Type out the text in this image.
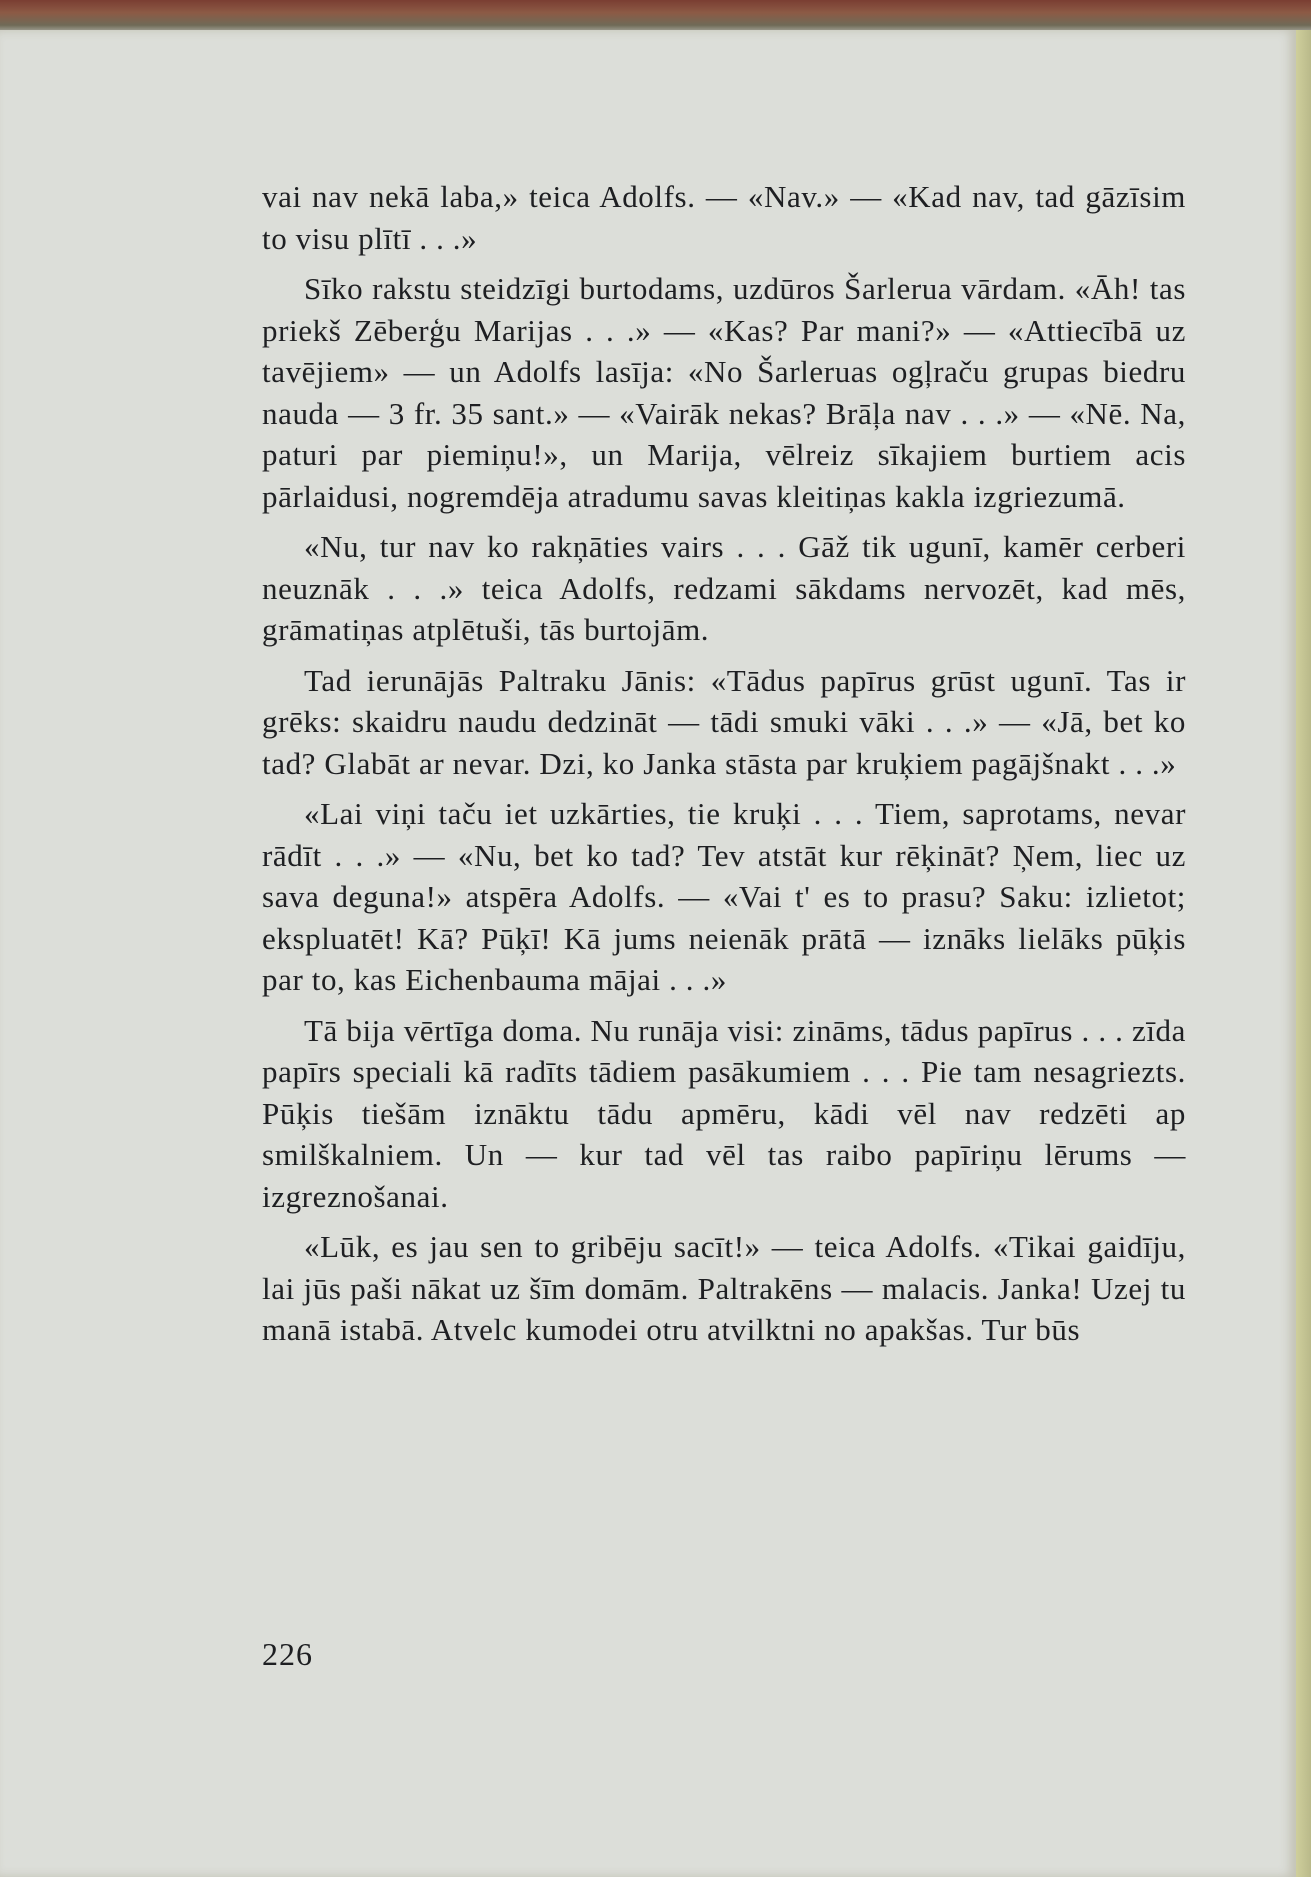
vai nav nekā laba,» teica Adolfs. — «Nav.» — «Kad nav, tad gāzīsim to visu plītī . . .»

Sīko rakstu steidzīgi burtodams, uzdūros Šarlerua vārdam. «Āh! tas priekš Zēberģu Marijas . . .» — «Kas? Par mani?» — «Attiecībā uz tavējiem» — un Adolfs lasīja: «No Šarleruas ogļraču grupas biedru nauda — 3 fr. 35 sant.» — «Vairāk nekas? Brāļa nav . . .» — «Nē. Na, paturi par piemiņu!», un Marija, vēlreiz sīkajiem burtiem acis pārlaidusi, nogremdēja atradumu savas kleitiņas kakla izgriezumā.

«Nu, tur nav ko rakņāties vairs . . . Gāž tik ugunī, kamēr cerberi neuznāk . . .» teica Adolfs, redzami sākdams nervozēt, kad mēs, grāmatiņas atplētuši, tās burtojām.

Tad ierunājās Paltraku Jānis: «Tādus papīrus grūst ugunī. Tas ir grēks: skaidru naudu dedzināt — tādi smuki vāki . . .» — «Jā, bet ko tad? Glabāt ar nevar. Dzi, ko Janka stāsta par kruķiem pagājšnakt . . .»

«Lai viņi taču iet uzkārties, tie kruķi . . . Tiem, saprotams, nevar rādīt . . .» — «Nu, bet ko tad? Tev atstāt kur rēķināt? Ņem, liec uz sava deguna!» atspēra Adolfs. — «Vai t' es to prasu? Saku: izlietot; ekspluatēt! Kā? Pūķī! Kā jums neienāk prātā — iznāks lielāks pūķis par to, kas Eichenbauma mājai . . .»

Tā bija vērtīga doma. Nu runāja visi: zināms, tādus papīrus . . . zīda papīrs speciali kā radīts tādiem pasākumiem . . . Pie tam nesagriezts. Pūķis tiešām iznāktu tādu apmēru, kādi vēl nav redzēti ap smilškalniem. Un — kur tad vēl tas raibo papīriņu lērums — izgreznošanai.

«Lūk, es jau sen to gribēju sacīt!» — teica Adolfs. «Tikai gaidīju, lai jūs paši nākat uz šīm domām. Paltrakēns — malacis. Janka! Uzej tu manā istabā. Atvelc kumodei otru atvilktni no apakšas. Tur būs

226
